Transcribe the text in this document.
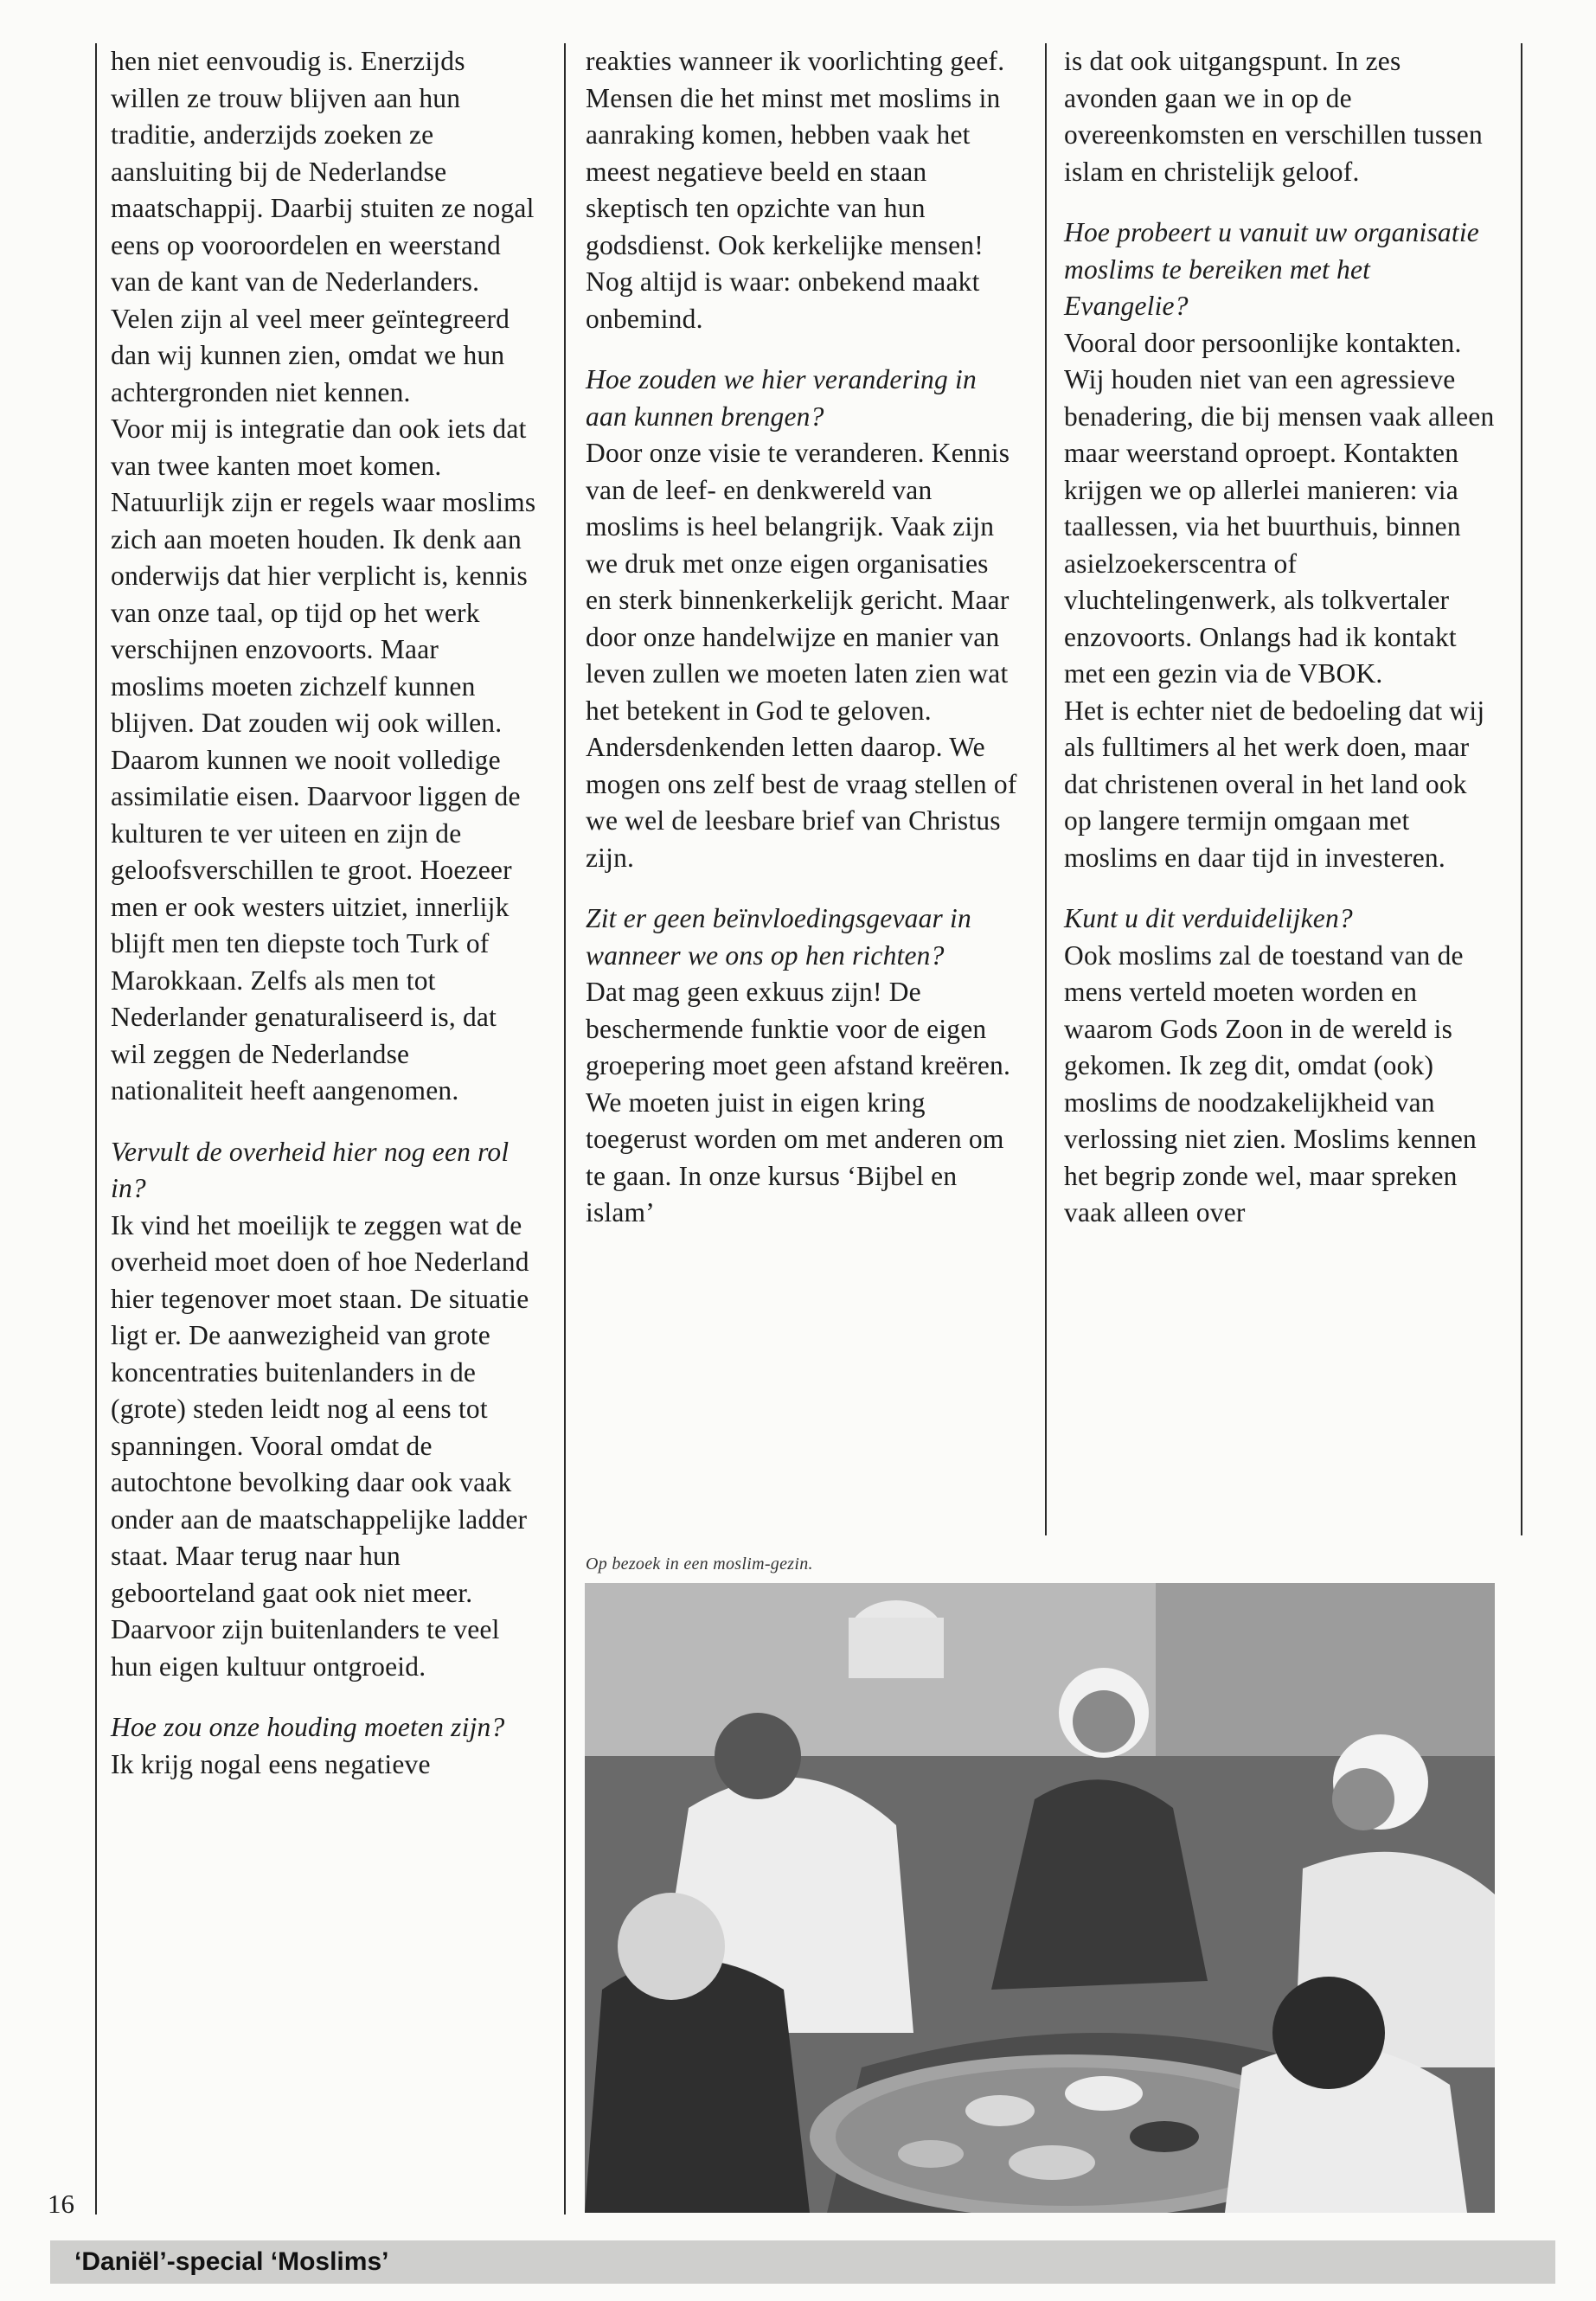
hen niet eenvoudig is. Enerzijds willen ze trouw blijven aan hun traditie, anderzijds zoeken ze aansluiting bij de Nederlandse maatschappij. Daarbij stuiten ze nogal eens op vooroordelen en weerstand van de kant van de Nederlanders. Velen zijn al veel meer geïntegreerd dan wij kunnen zien, omdat we hun achtergronden niet kennen.

Voor mij is integratie dan ook iets dat van twee kanten moet komen. Natuurlijk zijn er regels waar moslims zich aan moeten houden. Ik denk aan onderwijs dat hier verplicht is, kennis van onze taal, op tijd op het werk verschijnen enzovoorts. Maar moslims moeten zichzelf kunnen blijven. Dat zouden wij ook willen. Daarom kunnen we nooit volledige assimilatie eisen. Daarvoor liggen de kulturen te ver uiteen en zijn de geloofsverschillen te groot. Hoezeer men er ook westers uitziet, innerlijk blijft men ten diepste toch Turk of Marokkaan. Zelfs als men tot Nederlander genaturaliseerd is, dat wil zeggen de Nederlandse nationaliteit heeft aangenomen.

Vervult de overheid hier nog een rol in?

Ik vind het moeilijk te zeggen wat de overheid moet doen of hoe Nederland hier tegenover moet staan. De situatie ligt er. De aanwezigheid van grote koncentraties buitenlanders in de (grote) steden leidt nog al eens tot spanningen. Vooral omdat de autochtone bevolking daar ook vaak onder aan de maatschappelijke ladder staat. Maar terug naar hun geboorteland gaat ook niet meer. Daarvoor zijn buitenlanders te veel hun eigen kultuur ontgroeid.

Hoe zou onze houding moeten zijn?

Ik krijg nogal eens negatieve

reakties wanneer ik voorlichting geef.

Mensen die het minst met moslims in aanraking komen, hebben vaak het meest negatieve beeld en staan skeptisch ten opzichte van hun godsdienst. Ook kerkelijke mensen! Nog altijd is waar: onbekend maakt onbemind.

Hoe zouden we hier verandering in aan kunnen brengen?

Door onze visie te veranderen. Kennis van de leef- en denkwereld van moslims is heel belangrijk. Vaak zijn we druk met onze eigen organisaties en sterk binnenkerkelijk gericht. Maar door onze handelwijze en manier van leven zullen we moeten laten zien wat het betekent in God te geloven. Andersdenkenden letten daarop. We mogen ons zelf best de vraag stellen of we wel de leesbare brief van Christus zijn.

Zit er geen beïnvloedingsgevaar in wanneer we ons op hen richten?

Dat mag geen exkuus zijn! De beschermende funktie voor de eigen groepering moet geen afstand kreëren. We moeten juist in eigen kring toegerust worden om met anderen om te gaan. In onze kursus ‘Bijbel en islam’

is dat ook uitgangspunt. In zes avonden gaan we in op de overeenkomsten en verschillen tussen islam en christelijk geloof.

Hoe probeert u vanuit uw organisatie moslims te bereiken met het Evangelie?

Vooral door persoonlijke kontakten. Wij houden niet van een agressieve benadering, die bij mensen vaak alleen maar weerstand oproept. Kontakten krijgen we op allerlei manieren: via taallessen, via het buurthuis, binnen asielzoekerscentra of vluchtelingenwerk, als tolkvertaler enzovoorts. Onlangs had ik kontakt met een gezin via de VBOK.

Het is echter niet de bedoeling dat wij als fulltimers al het werk doen, maar dat christenen overal in het land ook op langere termijn omgaan met moslims en daar tijd in investeren.

Kunt u dit verduidelijken?

Ook moslims zal de toestand van de mens verteld moeten worden en waarom Gods Zoon in de wereld is gekomen. Ik zeg dit, omdat (ook) moslims de noodzakelijkheid van verlossing niet zien. Moslims kennen het begrip zonde wel, maar spreken vaak alleen over

Op bezoek in een moslim-gezin.
16
‘Daniël’-special ‘Moslims’
